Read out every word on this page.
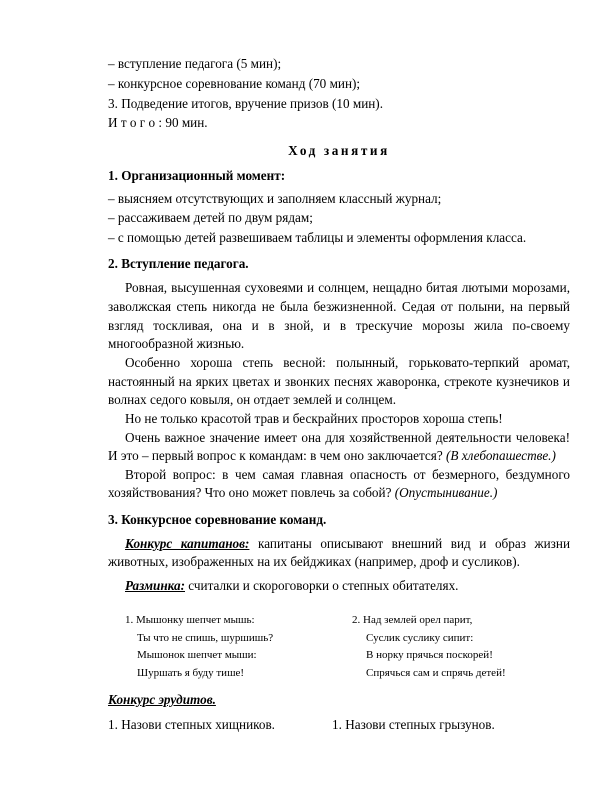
– вступление педагога (5 мин);
– конкурсное соревнование команд (70 мин);
3. Подведение итогов, вручение призов (10 мин).
И т о г о : 90 мин.
Ход занятия
1. Организационный момент:
– выясняем отсутствующих и заполняем классный журнал;
– рассаживаем детей по двум рядам;
– с помощью детей развешиваем таблицы и элементы оформления класса.
2. Вступление педагога.
Ровная, высушенная суховеями и солнцем, нещадно битая лютыми морозами,
заволжская степь никогда не была безжизненной. Седая от полыни, на первый
взгляд тоскливая, она и в зной, и в трескучие морозы жила по-своему
многообразной жизнью.
Особенно хороша степь весной: полынный, горьковато-терпкий аромат,
настоянный на ярких цветах и звонких песнях жаворонка, стрекоте кузнечиков и
волнах седого ковыля, он отдает землей и солнцем.
Но не только красотой трав и бескрайних просторов хороша степь!
Очень важное значение имеет она для хозяйственной деятельности человека!
И это – первый вопрос к командам: в чем оно заключается? (В хлебопашестве.)
Второй вопрос: в чем самая главная опасность от безмерного, бездумного
хозяйствования? Что оно может повлечь за собой? (Опустынивание.)
3. Конкурсное соревнование команд.
Конкурс капитанов: капитаны описывают внешний вид и образ жизни
животных, изображенных на их бейджиках (например, дроф и сусликов).
Разминка: считалки и скороговорки о степных обитателях.
1. Мышонку шепчет мышь:
Ты что не спишь, шуршишь?
Мышонок шепчет мыши:
Шуршать я буду тише!
2. Над землей орел парит,
Суслик суслику сипит:
В норку прячься поскорей!
Спрячься сам и спрячь детей!
Конкурс эрудитов.
1. Назови степных хищников.	1. Назови степных грызунов.
